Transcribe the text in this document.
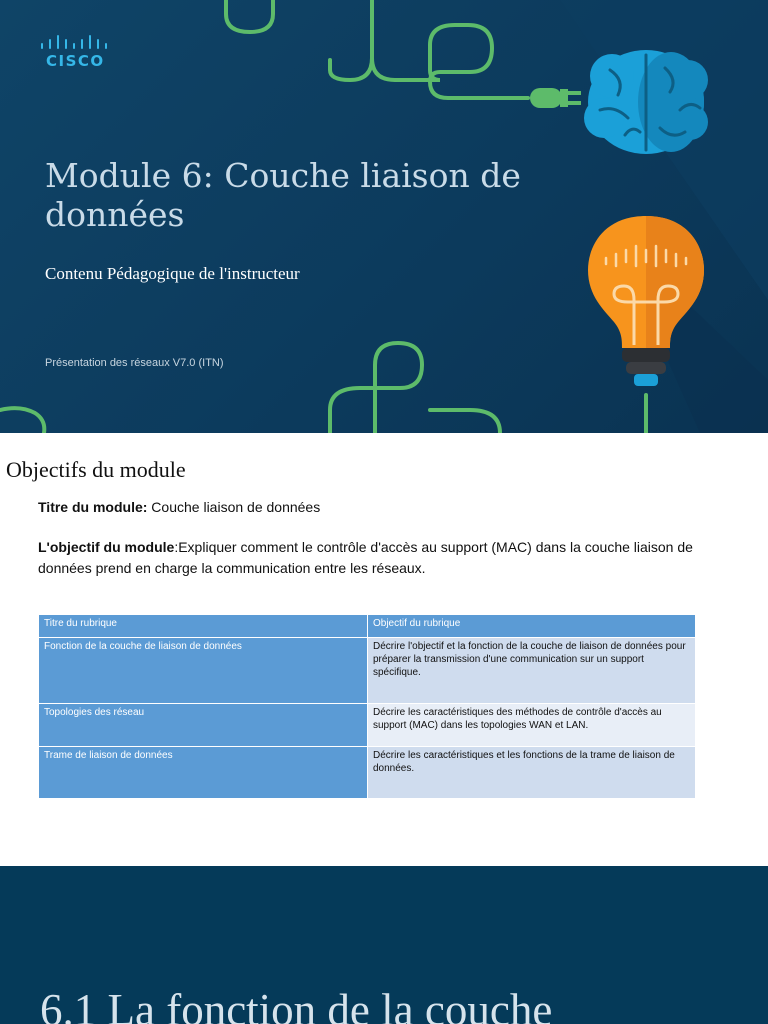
CISCO
Module 6: Couche liaison de données
Contenu Pédagogique de l'instructeur
Présentation des réseaux V7.0 (ITN)
Objectifs du module
Titre du module: Couche liaison de données
L'objectif du module:Expliquer comment le contrôle d'accès au support (MAC) dans la couche liaison de données prend en charge la communication entre les réseaux.
Titre du rubrique	Objectif du rubrique
Fonction de la couche de liaison de données	Décrire l'objectif et la fonction de la couche de liaison de données pour préparer la transmission d'une communication sur un support spécifique.
Topologies des réseau	Décrire les caractéristiques des méthodes de contrôle d'accès au support (MAC) dans les topologies WAN et LAN.
Trame de liaison de données	Décrire les caractéristiques et les fonctions de la trame de liaison de données.
6.1 La fonction de la couche
